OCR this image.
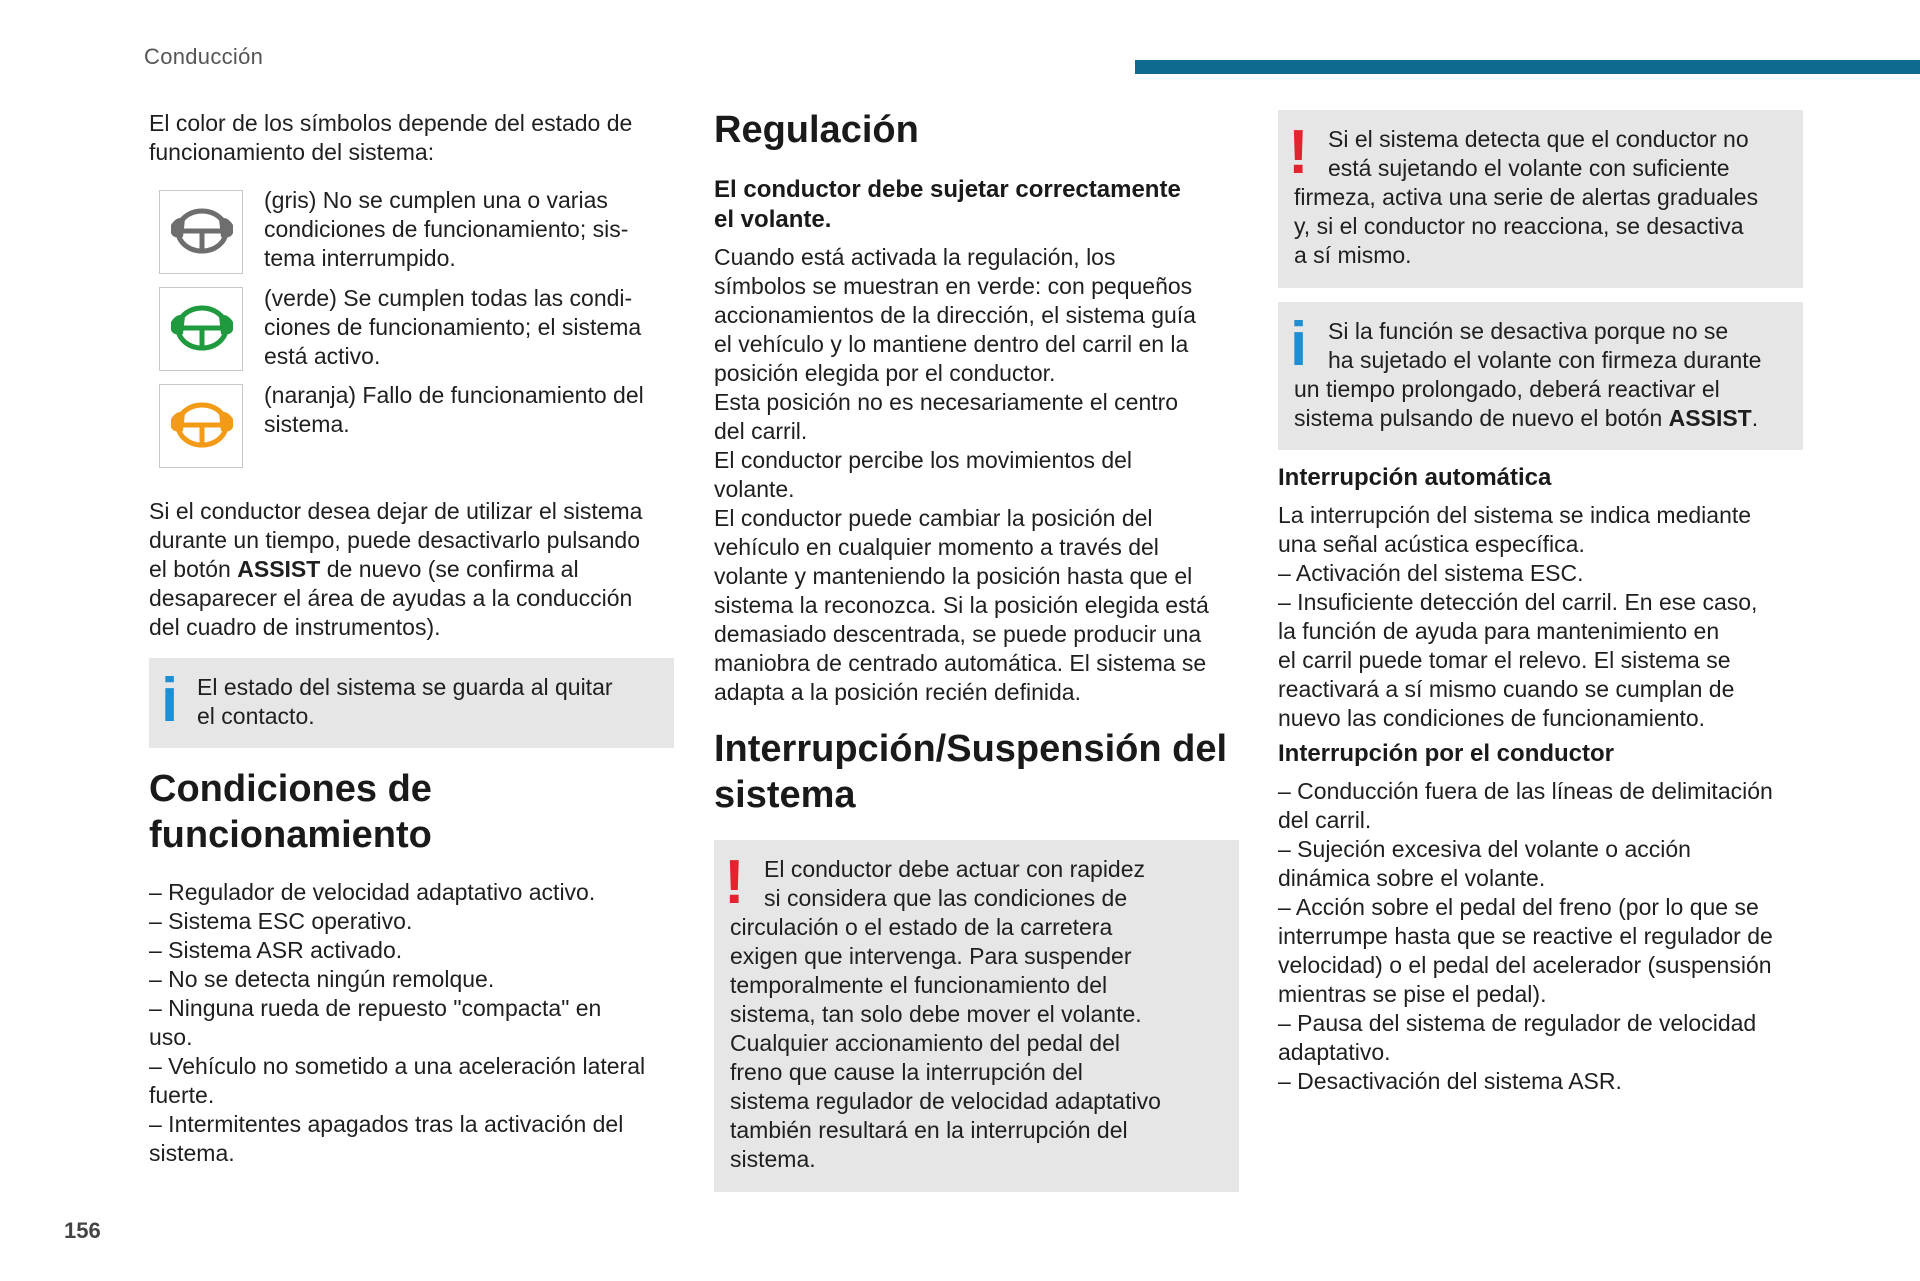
Conducción

El color de los símbolos depende del estado de
funcionamiento del sistema:

(gris) No se cumplen una o varias
condiciones de funcionamiento; sis-
tema interrumpido.

(verde) Se cumplen todas las condi-
ciones de funcionamiento; el sistema
está activo.

(naranja) Fallo de funcionamiento del
sistema.

Si el conductor desea dejar de utilizar el sistema
durante un tiempo, puede desactivarlo pulsando
el botón ASSIST de nuevo (se confirma al
desaparecer el área de ayudas a la conducción
del cuadro de instrumentos).

i El estado del sistema se guarda al quitar
el contacto.

Condiciones de
funcionamiento

– Regulador de velocidad adaptativo activo.
– Sistema ESC operativo.
– Sistema ASR activado.
– No se detecta ningún remolque.
– Ninguna rueda de repuesto "compacta" en
uso.
– Vehículo no sometido a una aceleración lateral
fuerte.
– Intermitentes apagados tras la activación del
sistema.

Regulación
El conductor debe sujetar correctamente
el volante.

Cuando está activada la regulación, los
símbolos se muestran en verde: con pequeños
accionamientos de la dirección, el sistema guía
el vehículo y lo mantiene dentro del carril en la
posición elegida por el conductor.
Esta posición no es necesariamente el centro
del carril.
El conductor percibe los movimientos del
volante.
El conductor puede cambiar la posición del
vehículo en cualquier momento a través del
volante y manteniendo la posición hasta que el
sistema la reconozca. Si la posición elegida está
demasiado descentrada, se puede producir una
maniobra de centrado automática. El sistema se
adapta a la posición recién definida.

Interrupción/Suspensión del
sistema
! El conductor debe actuar con rapidez
si considera que las condiciones de
circulación o el estado de la carretera
exigen que intervenga. Para suspender
temporalmente el funcionamiento del
sistema, tan solo debe mover el volante.
Cualquier accionamiento del pedal del
freno que cause la interrupción del
sistema regulador de velocidad adaptativo
también resultará en la interrupción del
sistema.

! Si el sistema detecta que el conductor no
está sujetando el volante con suficiente
firmeza, activa una serie de alertas graduales
y, si el conductor no reacciona, se desactiva
a sí mismo.

i Si la función se desactiva porque no se
ha sujetado el volante con firmeza durante
un tiempo prolongado, deberá reactivar el
sistema pulsando de nuevo el botón ASSIST.

Interrupción automática

La interrupción del sistema se indica mediante
una señal acústica específica.
– Activación del sistema ESC.
– Insuficiente detección del carril. En ese caso,
la función de ayuda para mantenimiento en
el carril puede tomar el relevo. El sistema se
reactivará a sí mismo cuando se cumplan de
nuevo las condiciones de funcionamiento.

Interrupción por el conductor

– Conducción fuera de las líneas de delimitación
del carril.
– Sujeción excesiva del volante o acción
dinámica sobre el volante.
– Acción sobre el pedal del freno (por lo que se
interrumpe hasta que se reactive el regulador de
velocidad) o el pedal del acelerador (suspensión
mientras se pise el pedal).
– Pausa del sistema de regulador de velocidad
adaptativo.
– Desactivación del sistema ASR.

156
